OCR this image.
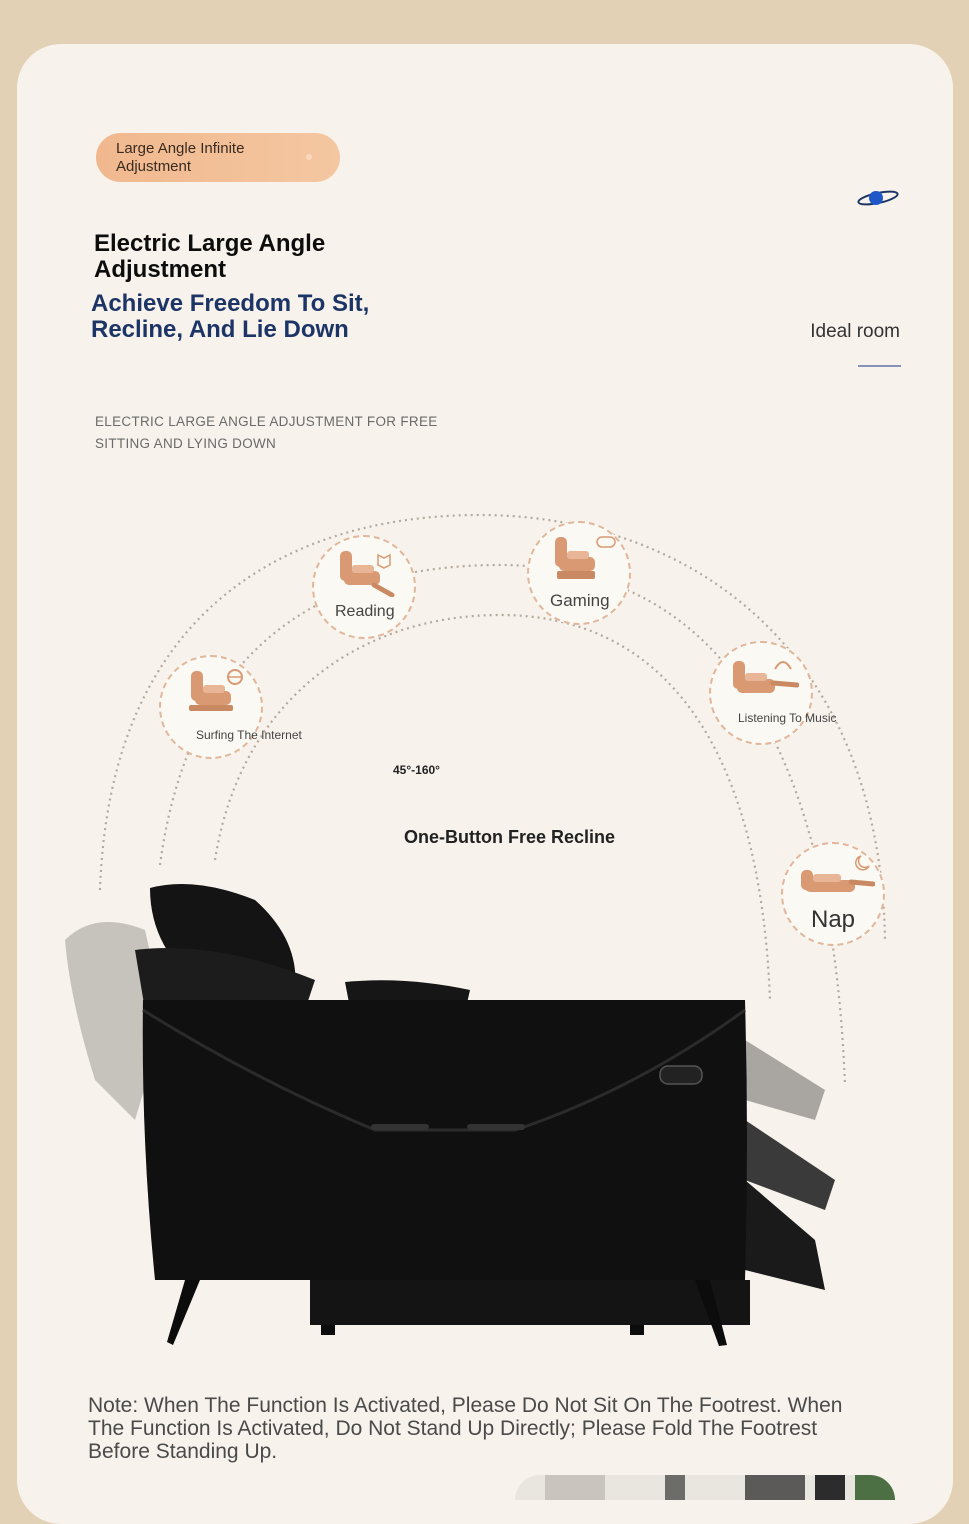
Large Angle Infinite Adjustment
Electric Large Angle Adjustment
Achieve Freedom To Sit, Recline, And Lie Down
ELECTRIC LARGE ANGLE ADJUSTMENT FOR FREE SITTING AND LYING DOWN
Ideal room
Surfing The Internet
Reading
Gaming
Listening To Music
Nap
45°-160°
One-Button Free Recline
Note: When The Function Is Activated, Please Do Not Sit On The Footrest. When The Function Is Activated, Do Not Stand Up Directly; Please Fold The Footrest Before Standing Up.
